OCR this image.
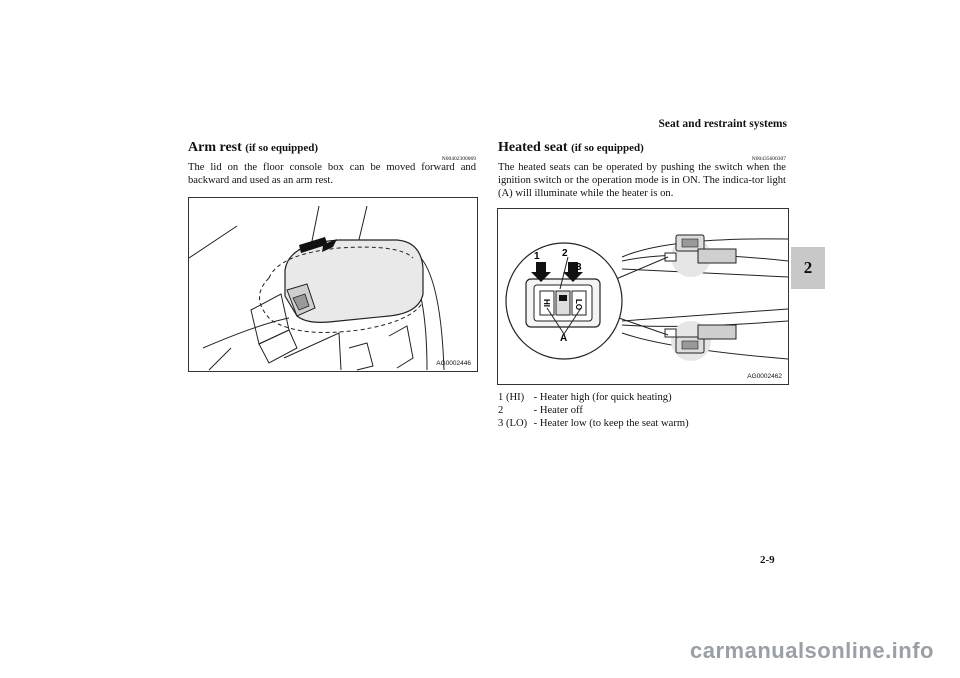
Seat and restraint systems
2
Arm rest (if so equipped)
N00402300069
The lid on the floor console box can be moved forward and backward and used as an arm rest.
AG0002446
Heated seat (if so equipped)
N00435600307
The heated seats can be operated by pushing the switch when the ignition switch or the operation mode is in ON. The indica-tor light (A) will illuminate while the heater is on.
HI	LO
1 2
3
A
AG0002462
1 (HI) - Heater high (for quick heating)
2	- Heater off
3 (LO) - Heater low (to keep the seat warm)
2-9
carmanualsonline.info
